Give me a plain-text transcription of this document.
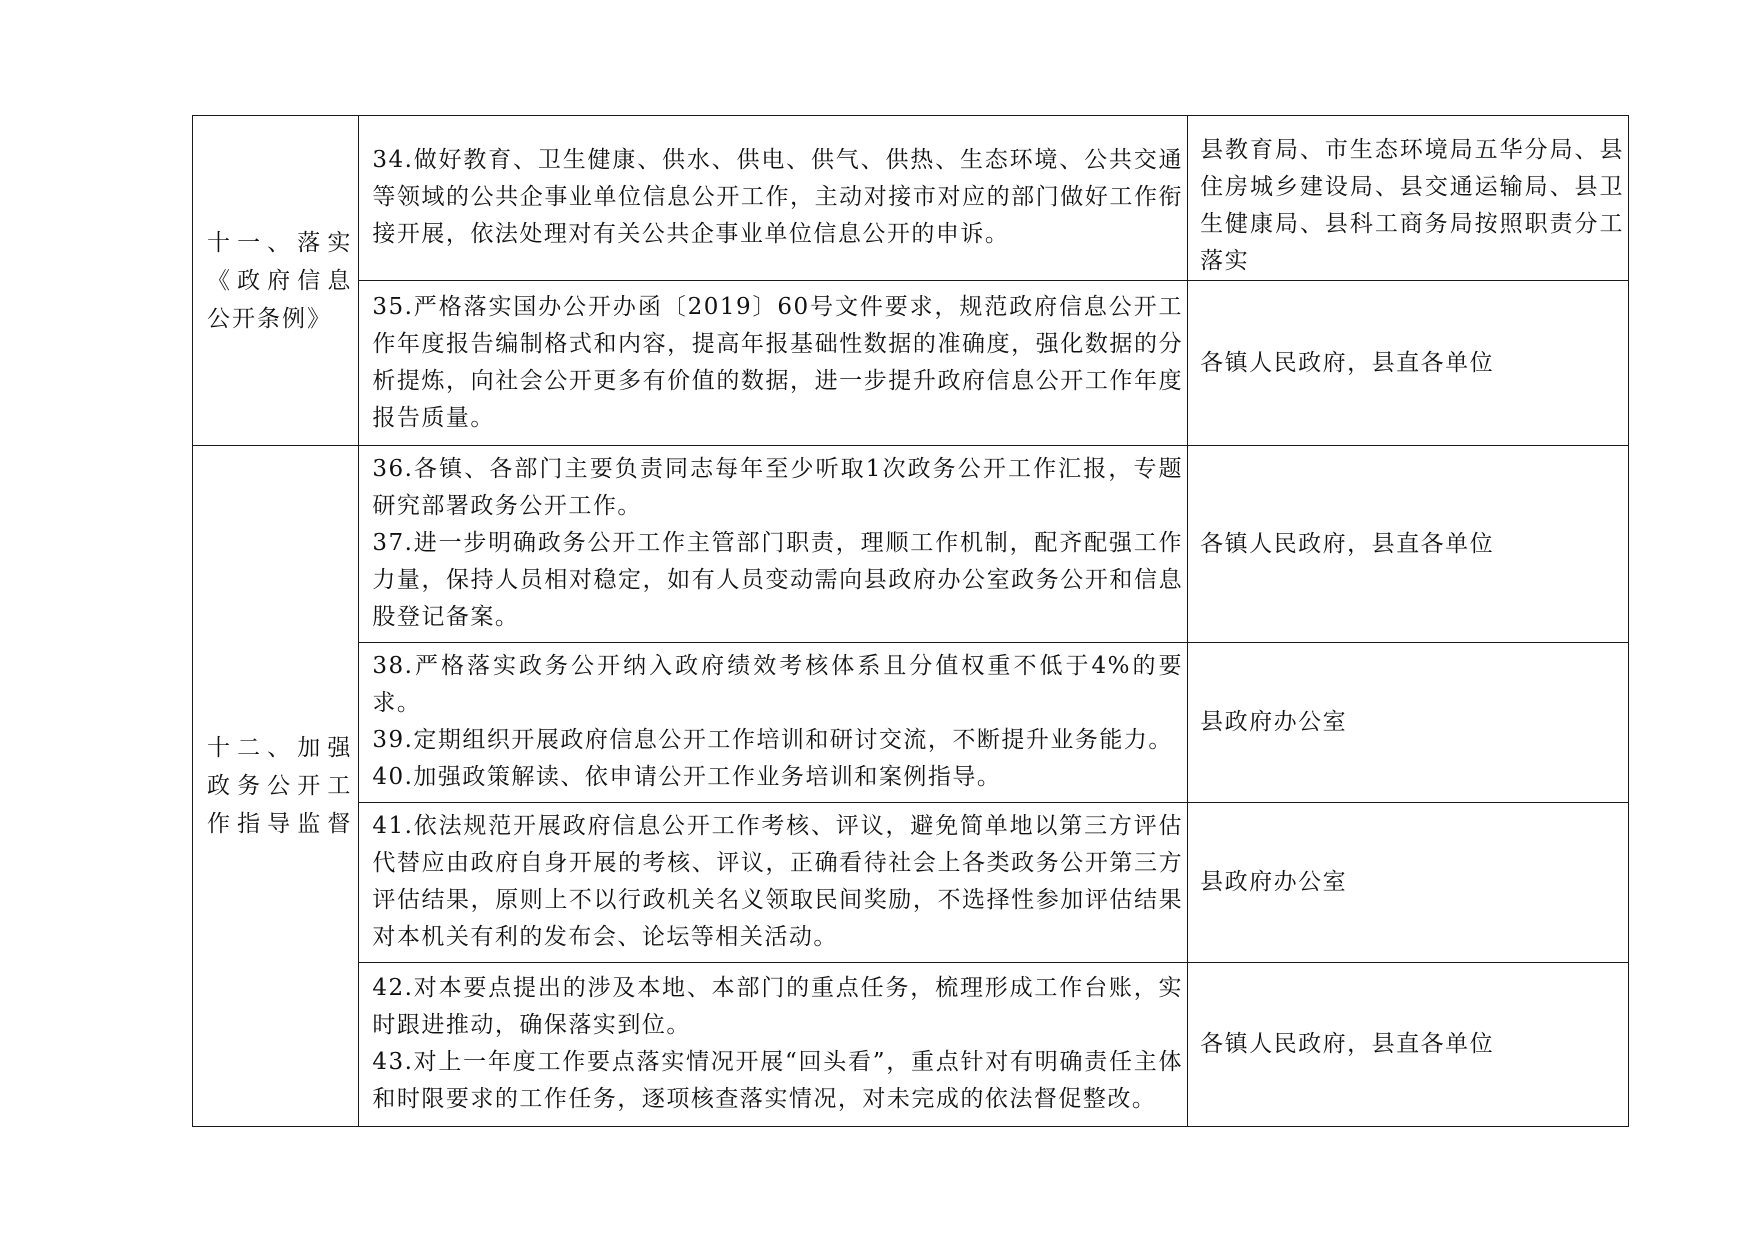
十一、落实《政府信息公开条例》	34.做好教育、卫生健康、供水、供电、供气、供热、生态环境、公共交通等领域的公共企事业单位信息公开工作，主动对接市对应的部门做好工作衔接开展，依法处理对有关公共企事业单位信息公开的申诉。	县教育局、市生态环境局五华分局、县住房城乡建设局、县交通运输局、县卫生健康局、县科工商务局按照职责分工落实

	35.严格落实国办公开办函〔2019〕60号文件要求，规范政府信息公开工作年度报告编制格式和内容，提高年报基础性数据的准确度，强化数据的分析提炼，向社会公开更多有价值的数据，进一步提升政府信息公开工作年度报告质量。	各镇人民政府，县直各单位

十二、加强政务公开工作指导监督	36.各镇、各部门主要负责同志每年至少听取1次政务公开工作汇报，专题研究部署政务公开工作。
37.进一步明确政务公开工作主管部门职责，理顺工作机制，配齐配强工作力量，保持人员相对稳定，如有人员变动需向县政府办公室政务公开和信息股登记备案。	各镇人民政府，县直各单位

	38.严格落实政务公开纳入政府绩效考核体系且分值权重不低于4%的要求。
39.定期组织开展政府信息公开工作培训和研讨交流，不断提升业务能力。
40.加强政策解读、依申请公开工作业务培训和案例指导。	县政府办公室

	41.依法规范开展政府信息公开工作考核、评议，避免简单地以第三方评估代替应由政府自身开展的考核、评议，正确看待社会上各类政务公开第三方评估结果，原则上不以行政机关名义领取民间奖励，不选择性参加评估结果对本机关有利的发布会、论坛等相关活动。	县政府办公室

	42.对本要点提出的涉及本地、本部门的重点任务，梳理形成工作台账，实时跟进推动，确保落实到位。
43.对上一年度工作要点落实情况开展“回头看”，重点针对有明确责任主体和时限要求的工作任务，逐项核查落实情况，对未完成的依法督促整改。	各镇人民政府，县直各单位
